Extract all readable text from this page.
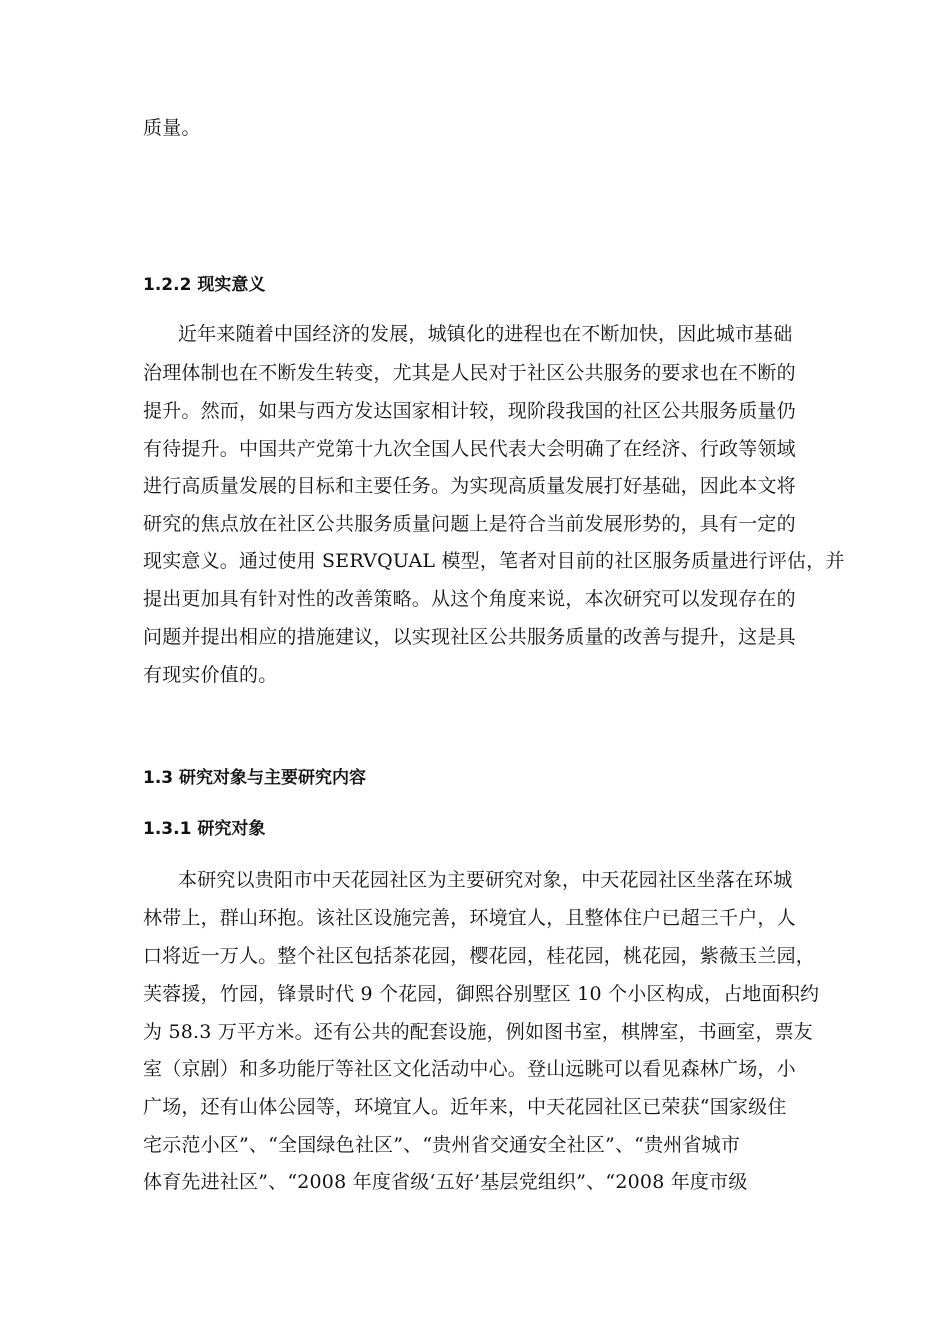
质量。
1.2.2 现实意义
近年来随着中国经济的发展，城镇化的进程也在不断加快，因此城市基础
治理体制也在不断发生转变，尤其是人民对于社区公共服务的要求也在不断的
提升。然而，如果与西方发达国家相计较，现阶段我国的社区公共服务质量仍
有待提升。中国共产党第十九次全国人民代表大会明确了在经济、行政等领域
进行高质量发展的目标和主要任务。为实现高质量发展打好基础，因此本文将
研究的焦点放在社区公共服务质量问题上是符合当前发展形势的，具有一定的
现实意义。通过使用 SERVQUAL 模型，笔者对目前的社区服务质量进行评估，并
提出更加具有针对性的改善策略。从这个角度来说，本次研究可以发现存在的
问题并提出相应的措施建议，以实现社区公共服务质量的改善与提升，这是具
有现实价值的。
1.3 研究对象与主要研究内容
1.3.1 研究对象
本研究以贵阳市中天花园社区为主要研究对象，中天花园社区坐落在环城
林带上，群山环抱。该社区设施完善，环境宜人，且整体住户已超三千户，人
口将近一万人。整个社区包括茶花园，樱花园，桂花园，桃花园，紫薇玉兰园，
芙蓉援，竹园，锋景时代 9 个花园，御熙谷别墅区 10 个小区构成，占地面积约
为 58.3 万平方米。还有公共的配套设施，例如图书室，棋牌室，书画室，票友
室（京剧）和多功能厅等社区文化活动中心。登山远眺可以看见森林广场，小
广场，还有山体公园等，环境宜人。近年来，中天花园社区已荣获“国家级住
宅示范小区”、“全国绿色社区”、“贵州省交通安全社区”、“贵州省城市
体育先进社区”、“2008 年度省级‘五好’基层党组织”、“2008 年度市级
